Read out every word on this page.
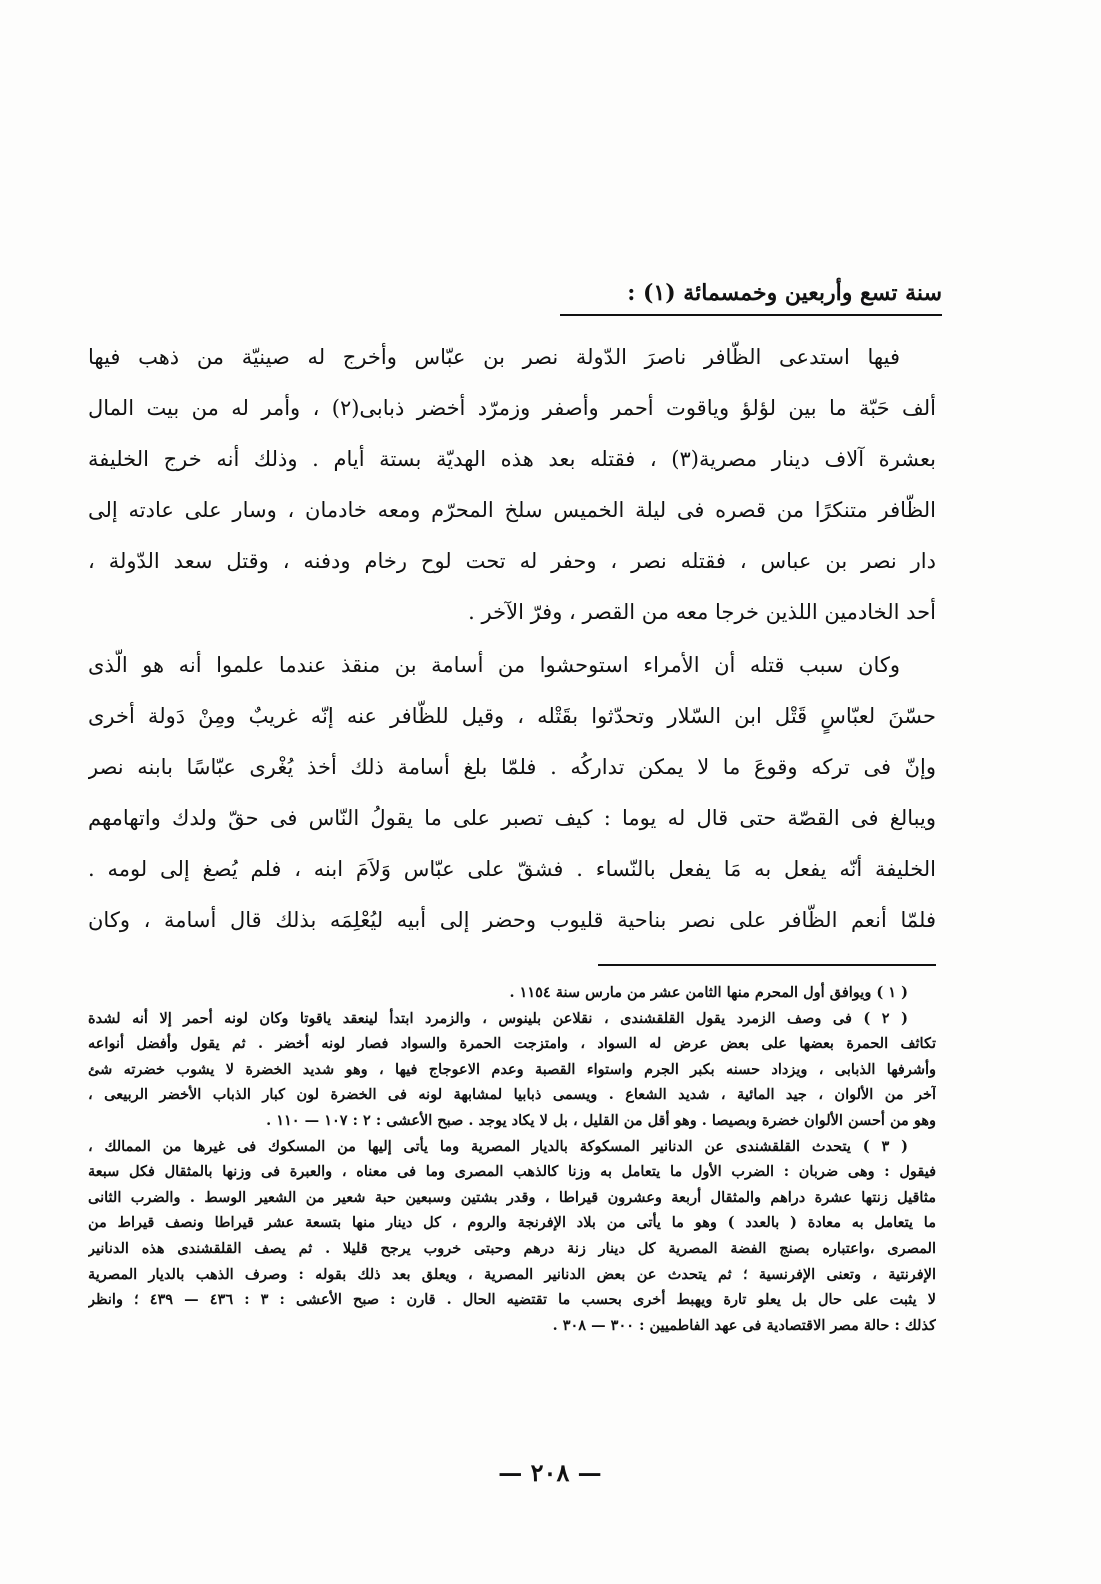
سنة تسع وأربعين وخمسمائة (١) :
فيها استدعى الظّافر ناصرَ الدّولة نصر بن عبّاس وأخرج له صينيّة من ذهب فيها
ألف حَبّة ما بين لؤلؤ وياقوت أحمر وأصفر وزمرّد أخضر ذبابى(٢) ، وأمر له من بيت المال
بعشرة آلاف دينار مصرية(٣) ، فقتله بعد هذه الهديّة بستة أيام . وذلك أنه خرج الخليفة
الظّافر متنكرًا من قصره فى ليلة الخميس سلخ المحرّم ومعه خادمان ، وسار على عادته إلى
دار نصر بن عباس ، فقتله نصر ، وحفر له تحت لوح رخام ودفنه ، وقتل سعد الدّولة ،
أحد الخادمين اللذين خرجا معه من القصر ، وفرّ الآخر .
وكان سبب قتله أن الأمراء استوحشوا من أسامة بن منقذ عندما علموا أنه هو الّذى
حسّنَ لعبّاسٍ قَتْل ابن السّلار وتحدّثوا بقَتْله ، وقيل للظّافر عنه إنّه غريبٌ ومِنْ دَولة أخرى
وإنّ فى تركه وقوعَ ما لا يمكن تداركُه . فلمّا بلغ أسامة ذلك أخذ يُغْرى عبّاسًا بابنه نصر
ويبالغ فى القصّة حتى قال له يوما : كيف تصبر على ما يقولُ النّاس فى حقّ ولدك واتهامهم
الخليفة أنّه يفعل به مَا يفعل بالنّساء . فشقّ على عبّاس وَلاَمَ ابنه ، فلم يُصغ إلى لومه .
فلمّا أنعم الظّافر على نصر بناحية قليوب وحضر إلى أبيه ليُعْلِمَه بذلك قال أسامة ، وكان
( ١ ) ويوافق أول المحرم منها الثامن عشر من مارس سنة ١١٥٤ .
( ٢ ) فى وصف الزمرد يقول القلقشندى ، نقلاعن بلينوس ، والزمرد ابتدأ لينعقد ياقوتا وكان لونه أحمر إلا أنه لشدة
تكاثف الحمرة بعضها على بعض عرض له السواد ، وامتزجت الحمرة والسواد فصار لونه أخضر . ثم يقول وأفضل أنواعه
وأشرفها الذبابى ، ويزداد حسنه بكبر الجرم واستواء القصبة وعدم الاعوجاج فيها ، وهو شديد الخضرة لا يشوب خضرته شئ
آخر من الألوان ، جيد المائية ، شديد الشعاع . ويسمى ذبابيا لمشابهة لونه فى الخضرة لون كبار الذباب الأخضر الربيعى ،
وهو من أحسن الألوان خضرة وبصيصا . وهو أقل من القليل ، بل لا يكاد يوجد . صبح الأعشى : ٢ : ١٠٧ — ١١٠ .
( ٣ ) يتحدث القلقشندى عن الدنانير المسكوكة بالديار المصرية وما يأتى إليها من المسكوك فى غيرها من الممالك ،
فيقول : وهى ضربان : الضرب الأول ما يتعامل به وزنا كالذهب المصرى وما فى معناه ، والعبرة فى وزنها بالمثقال فكل سبعة
مثاقيل زنتها عشرة دراهم والمثقال أربعة وعشرون قيراطا ، وقدر بشتين وسبعين حبة شعير من الشعير الوسط . والضرب الثانى
ما يتعامل به معادة ( بالعدد ) وهو ما يأتى من بلاد الإفرنجة والروم ، كل دينار منها بتسعة عشر قيراطا ونصف قيراط من
المصرى ،واعتباره بصنج الفضة المصرية كل دينار زنة درهم وحبتى خروب يرجح قليلا . ثم يصف القلقشندى هذه الدنانير
الإفرنتية ، وتعنى الإفرنسية ؛ ثم يتحدث عن بعض الدنانير المصرية ، ويعلق بعد ذلك بقوله : وصرف الذهب بالديار المصرية
لا يثبت على حال بل يعلو تارة ويهبط أخرى بحسب ما تقتضيه الحال . قارن : صبح الأعشى : ٣ : ٤٣٦ — ٤٣٩ ؛ وانظر
كذلك : حالة مصر الاقتصادية فى عهد الفاطميين : ٣٠٠ — ٣٠٨ .
— ٢٠٨ —
